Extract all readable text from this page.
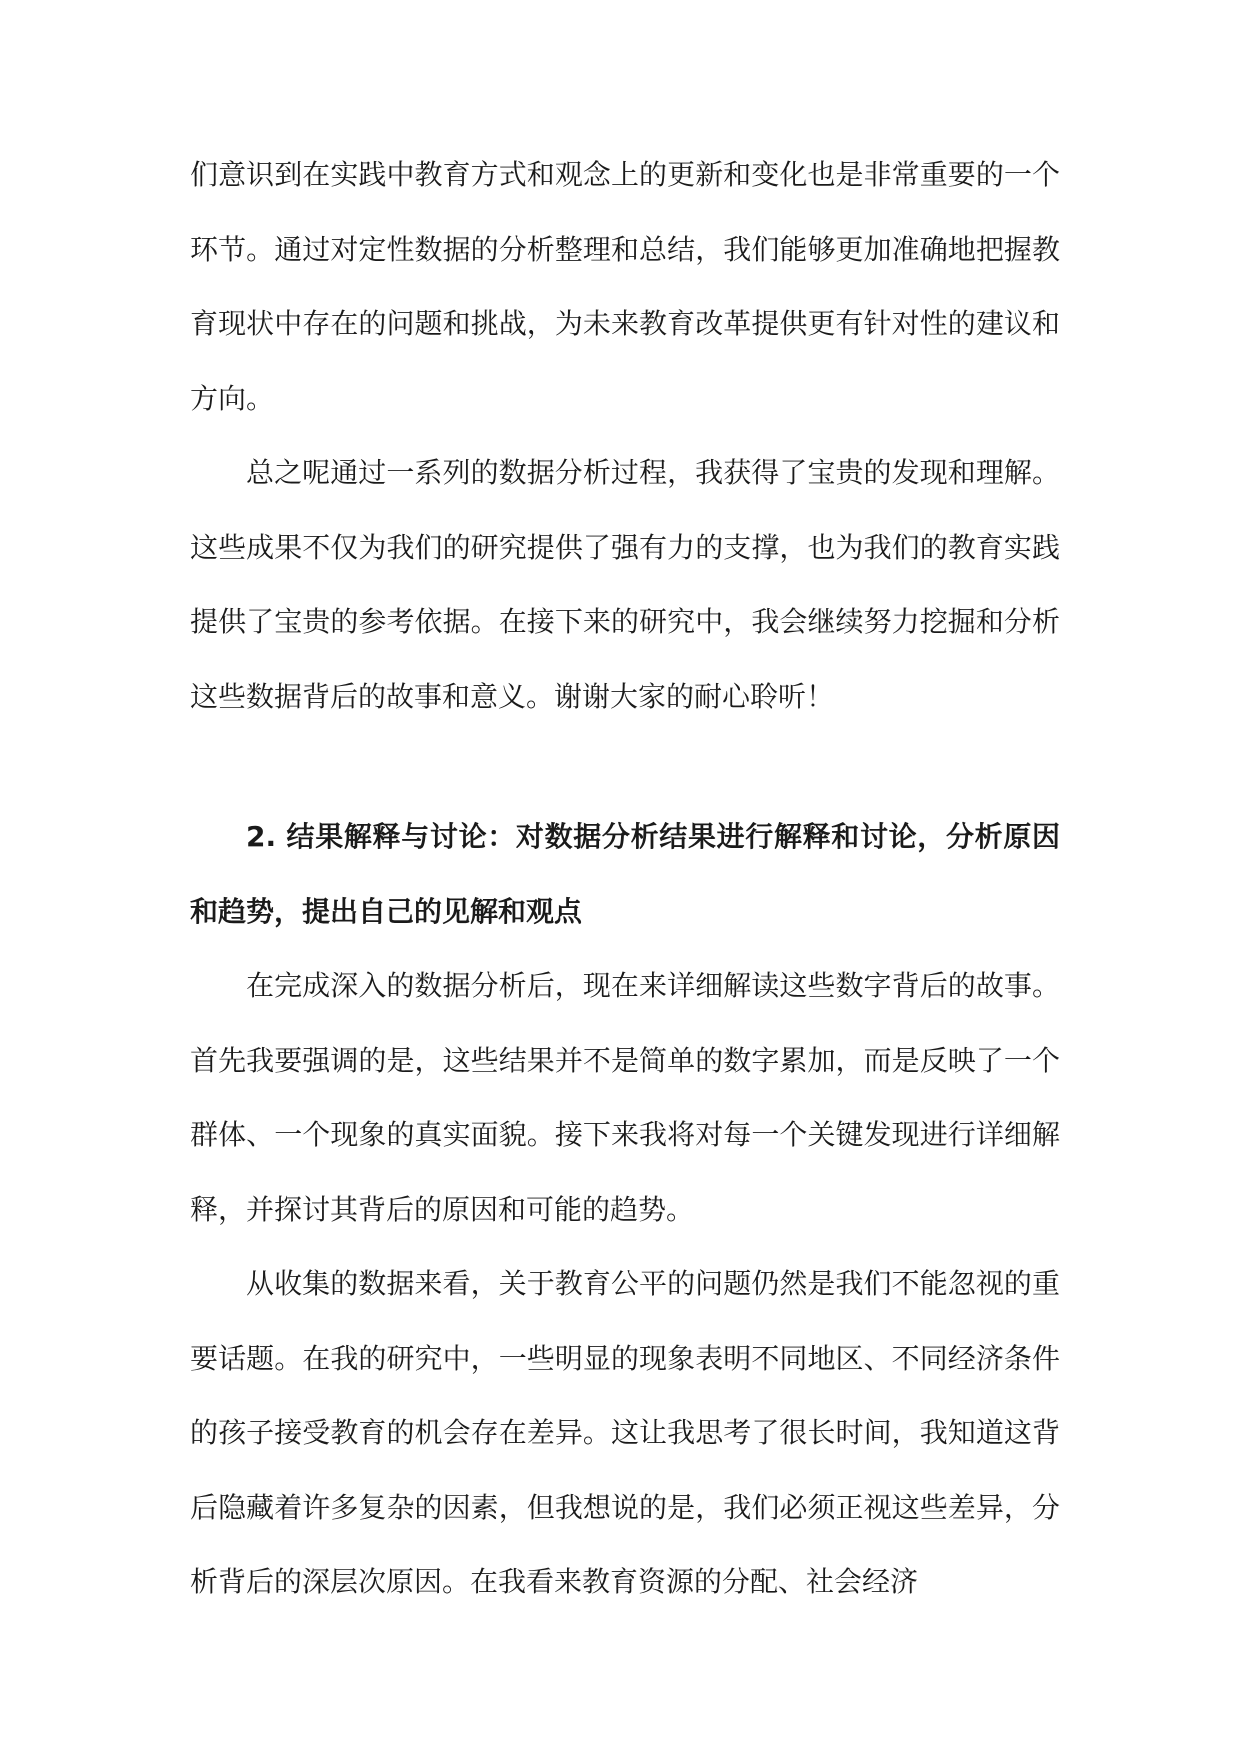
们意识到在实践中教育方式和观念上的更新和变化也是非常重要的一个环节。通过对定性数据的分析整理和总结，我们能够更加准确地把握教育现状中存在的问题和挑战，为未来教育改革提供更有针对性的建议和方向。

总之呢通过一系列的数据分析过程，我获得了宝贵的发现和理解。这些成果不仅为我们的研究提供了强有力的支撑，也为我们的教育实践提供了宝贵的参考依据。在接下来的研究中，我会继续努力挖掘和分析这些数据背后的故事和意义。谢谢大家的耐心聆听！

2. 结果解释与讨论：对数据分析结果进行解释和讨论，分析原因和趋势，提出自己的见解和观点

在完成深入的数据分析后，现在来详细解读这些数字背后的故事。首先我要强调的是，这些结果并不是简单的数字累加，而是反映了一个群体、一个现象的真实面貌。接下来我将对每一个关键发现进行详细解释，并探讨其背后的原因和可能的趋势。

从收集的数据来看，关于教育公平的问题仍然是我们不能忽视的重要话题。在我的研究中，一些明显的现象表明不同地区、不同经济条件的孩子接受教育的机会存在差异。这让我思考了很长时间，我知道这背后隐藏着许多复杂的因素，但我想说的是，我们必须正视这些差异，分析背后的深层次原因。在我看来教育资源的分配、社会经济
